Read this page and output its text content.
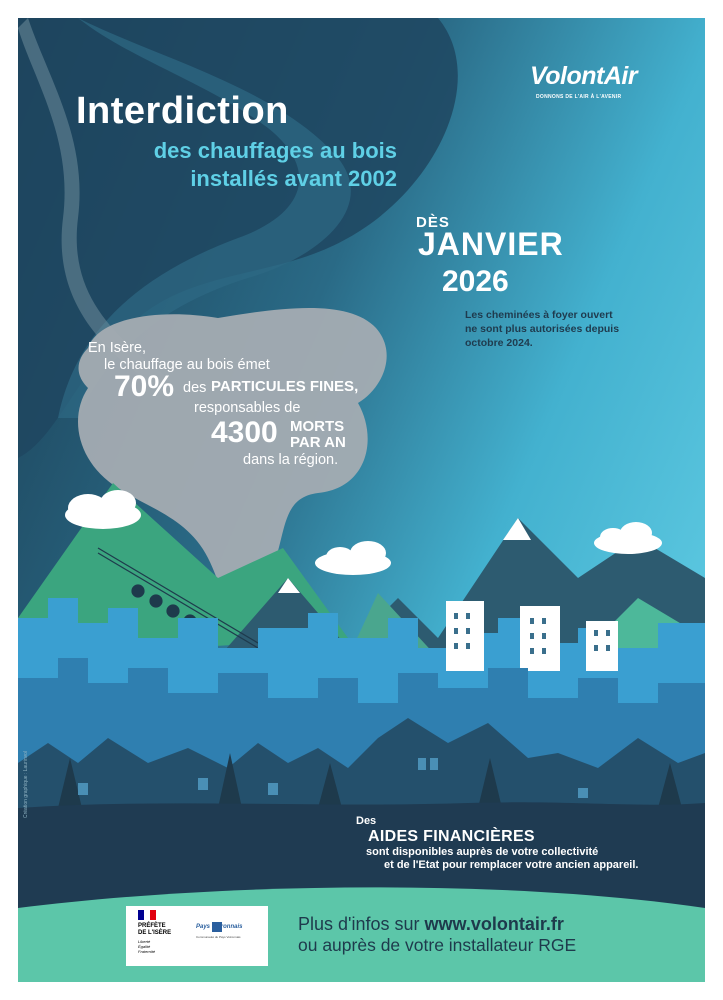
VolontAir
DONNONS DE L'AIR À L'AVENIR
Interdiction
des chauffages au bois
installés avant 2002
DÈS
JANVIER
2026
Les cheminées à foyer ouvert
ne sont plus autorisées depuis
octobre 2024.
En Isère,
le chauffage au bois émet
70% des PARTICULES FINES,
responsables de
4300 MORTS
PAR AN
dans la région.
Des
AIDES FINANCIÈRES
sont disponibles auprès de votre collectivité
et de l'Etat pour remplacer votre ancien appareil.
Création graphique : Laurinvol
PRÉFÈTE
DE L'ISÈRE
Liberté
Égalité
Fraternité
Pays Voironnais
Communauté du Pays Voironnais
Plus d'infos sur www.volontair.fr
ou auprès de votre installateur RGE
